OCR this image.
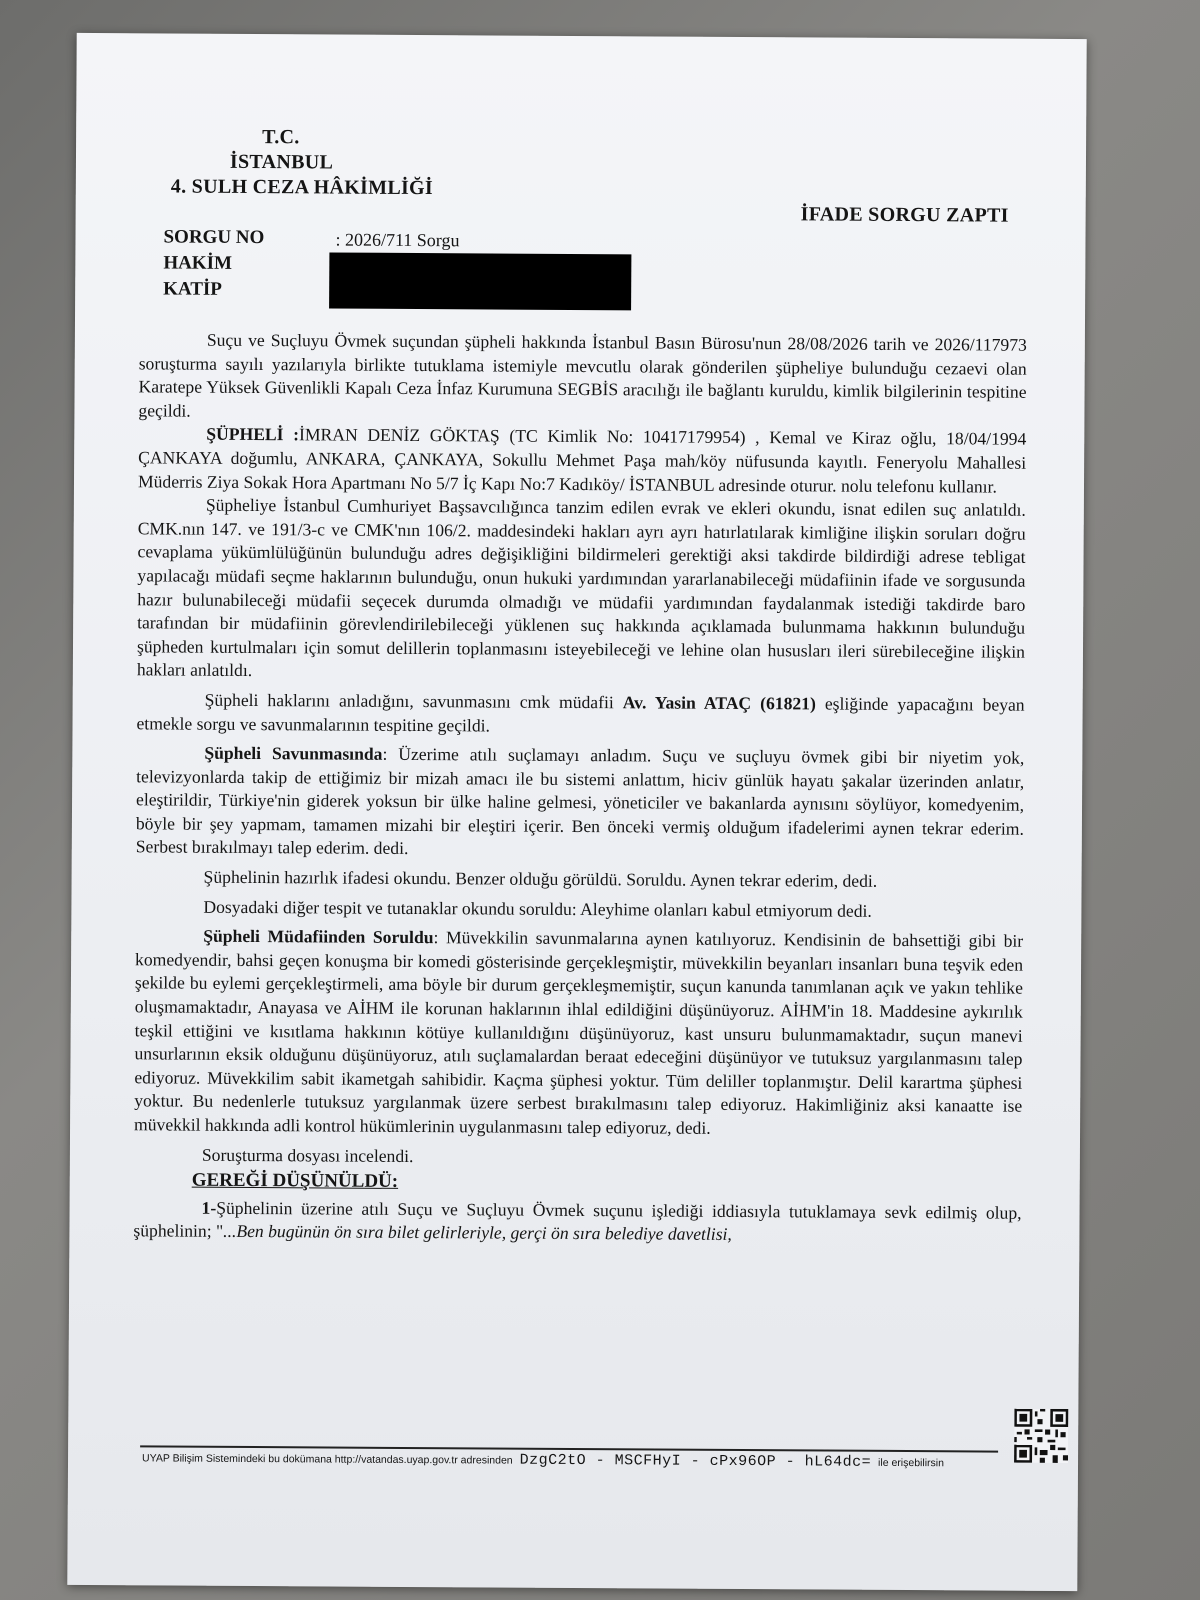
T.C.
İSTANBUL
4. SULH CEZA HÂKİMLİĞİ
İFADE SORGU ZAPTI
SORGU NO	: 2026/711 Sorgu
HAKİM
KATİP

Suçu ve Suçluyu Övmek suçundan şüpheli hakkında İstanbul Basın Bürosu'nun 28/08/2026 tarih ve 2026/117973 soruşturma sayılı yazılarıyla birlikte tutuklama istemiyle mevcutlu olarak gönderilen şüpheliye bulunduğu cezaevi olan Karatepe Yüksek Güvenlikli Kapalı Ceza İnfaz Kurumuna SEGBİS aracılığı ile bağlantı kuruldu, kimlik bilgilerinin tespitine geçildi.

ŞÜPHELİ :İMRAN DENİZ GÖKTAŞ (TC Kimlik No: 10417179954) , Kemal ve Kiraz oğlu, 18/04/1994 ÇANKAYA doğumlu, ANKARA, ÇANKAYA, Sokullu Mehmet Paşa mah/köy nüfusunda kayıtlı. Feneryolu Mahallesi Müderris Ziya Sokak Hora Apartmanı No 5/7 İç Kapı No:7 Kadıköy/ İSTANBUL adresinde oturur. nolu telefonu kullanır.

Şüpheliye İstanbul Cumhuriyet Başsavcılığınca tanzim edilen evrak ve ekleri okundu, isnat edilen suç anlatıldı. CMK.nın 147. ve 191/3-c ve CMK'nın 106/2. maddesindeki hakları ayrı ayrı hatırlatılarak kimliğine ilişkin soruları doğru cevaplama yükümlülüğünün bulunduğu adres değişikliğini bildirmeleri gerektiği aksi takdirde bildirdiği adrese tebligat yapılacağı müdafi seçme haklarının bulunduğu, onun hukuki yardımından yararlanabileceği müdafiinin ifade ve sorgusunda hazır bulunabileceği müdafii seçecek durumda olmadığı ve müdafii yardımından faydalanmak istediği takdirde baro tarafından bir müdafiinin görevlendirilebileceği yüklenen suç hakkında açıklamada bulunmama hakkının bulunduğu şüpheden kurtulmaları için somut delillerin toplanmasını isteyebileceği ve lehine olan hususları ileri sürebileceğine ilişkin hakları anlatıldı.

Şüpheli haklarını anladığını, savunmasını cmk müdafii Av. Yasin ATAÇ (61821) eşliğinde yapacağını beyan etmekle sorgu ve savunmalarının tespitine geçildi.

Şüpheli Savunmasında: Üzerime atılı suçlamayı anladım. Suçu ve suçluyu övmek gibi bir niyetim yok, televizyonlarda takip de ettiğimiz bir mizah amacı ile bu sistemi anlattım, hiciv günlük hayatı şakalar üzerinden anlatır, eleştirildir, Türkiye'nin giderek yoksun bir ülke haline gelmesi, yöneticiler ve bakanlarda aynısını söylüyor, komedyenim, böyle bir şey yapmam, tamamen mizahi bir eleştiri içerir. Ben önceki vermiş olduğum ifadelerimi aynen tekrar ederim. Serbest bırakılmayı talep ederim. dedi.

Şüphelinin hazırlık ifadesi okundu. Benzer olduğu görüldü. Soruldu. Aynen tekrar ederim, dedi.

Dosyadaki diğer tespit ve tutanaklar okundu soruldu: Aleyhime olanları kabul etmiyorum dedi.

Şüpheli Müdafiinden Soruldu: Müvekkilin savunmalarına aynen katılıyoruz. Kendisinin de bahsettiği gibi bir komedyendir, bahsi geçen konuşma bir komedi gösterisinde gerçekleşmiştir, müvekkilin beyanları insanları buna teşvik eden şekilde bu eylemi gerçekleştirmeli, ama böyle bir durum gerçekleşmemiştir, suçun kanunda tanımlanan açık ve yakın tehlike oluşmamaktadır, Anayasa ve AİHM ile korunan haklarının ihlal edildiğini düşünüyoruz. AİHM'in 18. Maddesine aykırılık teşkil ettiğini ve kısıtlama hakkının kötüye kullanıldığını düşünüyoruz, kast unsuru bulunmamaktadır, suçun manevi unsurlarının eksik olduğunu düşünüyoruz, atılı suçlamalardan beraat edeceğini düşünüyor ve tutuksuz yargılanmasını talep ediyoruz. Müvekkilim sabit ikametgah sahibidir. Kaçma şüphesi yoktur. Tüm deliller toplanmıştır. Delil karartma şüphesi yoktur. Bu nedenlerle tutuksuz yargılanmak üzere serbest bırakılmasını talep ediyoruz. Hakimliğiniz aksi kanaatte ise müvekkil hakkında adli kontrol hükümlerinin uygulanmasını talep ediyoruz, dedi.

Soruşturma dosyası incelendi.

GEREĞİ DÜŞÜNÜLDÜ:

1-Şüphelinin üzerine atılı Suçu ve Suçluyu Övmek suçunu işlediği iddiasıyla tutuklamaya sevk edilmiş olup, şüphelinin; "...Ben bugünün ön sıra bilet gelirleriyle, gerçi ön sıra belediye davetlisi,

UYAP Bilişim Sistemindeki bu dokümana http://vatandas.uyap.gov.tr adresinden DzgC2tO - MSCFHyI - cPx96OP - hL64dc= ile erişebilirsin
